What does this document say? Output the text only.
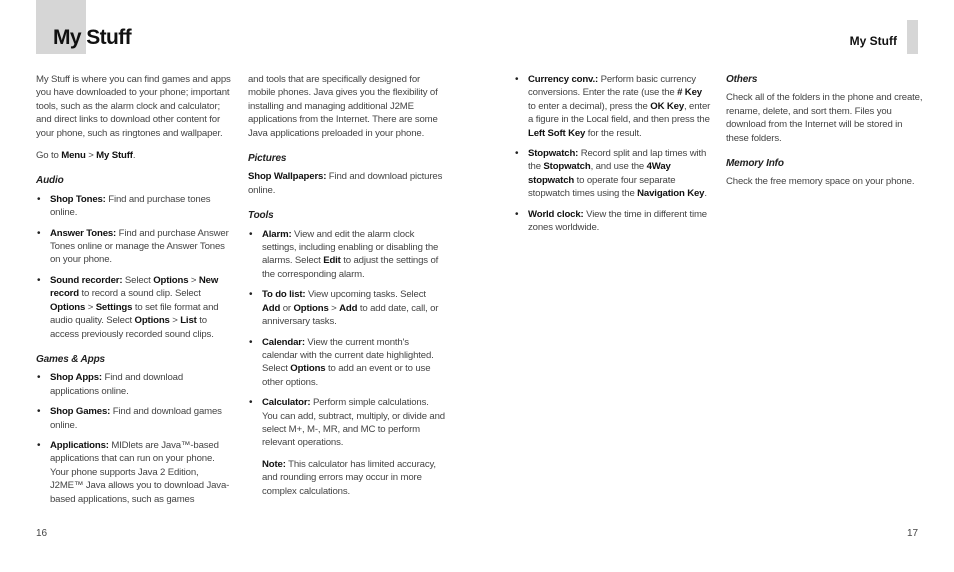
My Stuff	My Stuff

My Stuff is where you can find games and apps you have downloaded to your phone; important tools, such as the alarm clock and calculator; and direct links to download other content for your phone, such as ringtones and wallpaper.

Go to Menu > My Stuff.

Audio
• Shop Tones: Find and purchase tones online.
• Answer Tones: Find and purchase Answer Tones online or manage the Answer Tones on your phone.
• Sound recorder: Select Options > New record to record a sound clip. Select Options > Settings to set file format and audio quality. Select Options > List to access previously recorded sound clips.
Games & Apps
• Shop Apps: Find and download applications online.
• Shop Games: Find and download games online.
• Applications: MIDlets are Java™-based applications that can run on your phone. Your phone supports Java 2 Edition, J2ME™ Java allows you to download Java-based applications, such as games

and tools that are specifically designed for mobile phones. Java gives you the flexibility of installing and managing additional J2ME applications from the Internet. There are some Java applications preloaded in your phone.

Pictures

Shop Wallpapers: Find and download pictures online.

Tools
• Alarm: View and edit the alarm clock settings, including enabling or disabling the alarms. Select Edit to adjust the settings of the corresponding alarm.
• To do list: View upcoming tasks. Select Add or Options > Add to add date, call, or anniversary tasks.
• Calendar: View the current month's calendar with the current date highlighted. Select Options to add an event or to use other options.
• Calculator: Perform simple calculations. You can add, subtract, multiply, or divide and select M+, M-, MR, and MC to perform relevant operations.

Note: This calculator has limited accuracy, and rounding errors may occur in more complex calculations.

• Currency conv.: Perform basic currency conversions. Enter the rate (use the # Key to enter a decimal), press the OK Key, enter a figure in the Local field, and then press the Left Soft Key for the result.
• Stopwatch: Record split and lap times with the Stopwatch, and use the 4Way stopwatch to operate four separate stopwatch times using the Navigation Key.
• World clock: View the time in different time zones worldwide.
Others

Check all of the folders in the phone and create, rename, delete, and sort them. Files you download from the Internet will be stored in these folders.

Memory Info

Check the free memory space on your phone.

16	17
